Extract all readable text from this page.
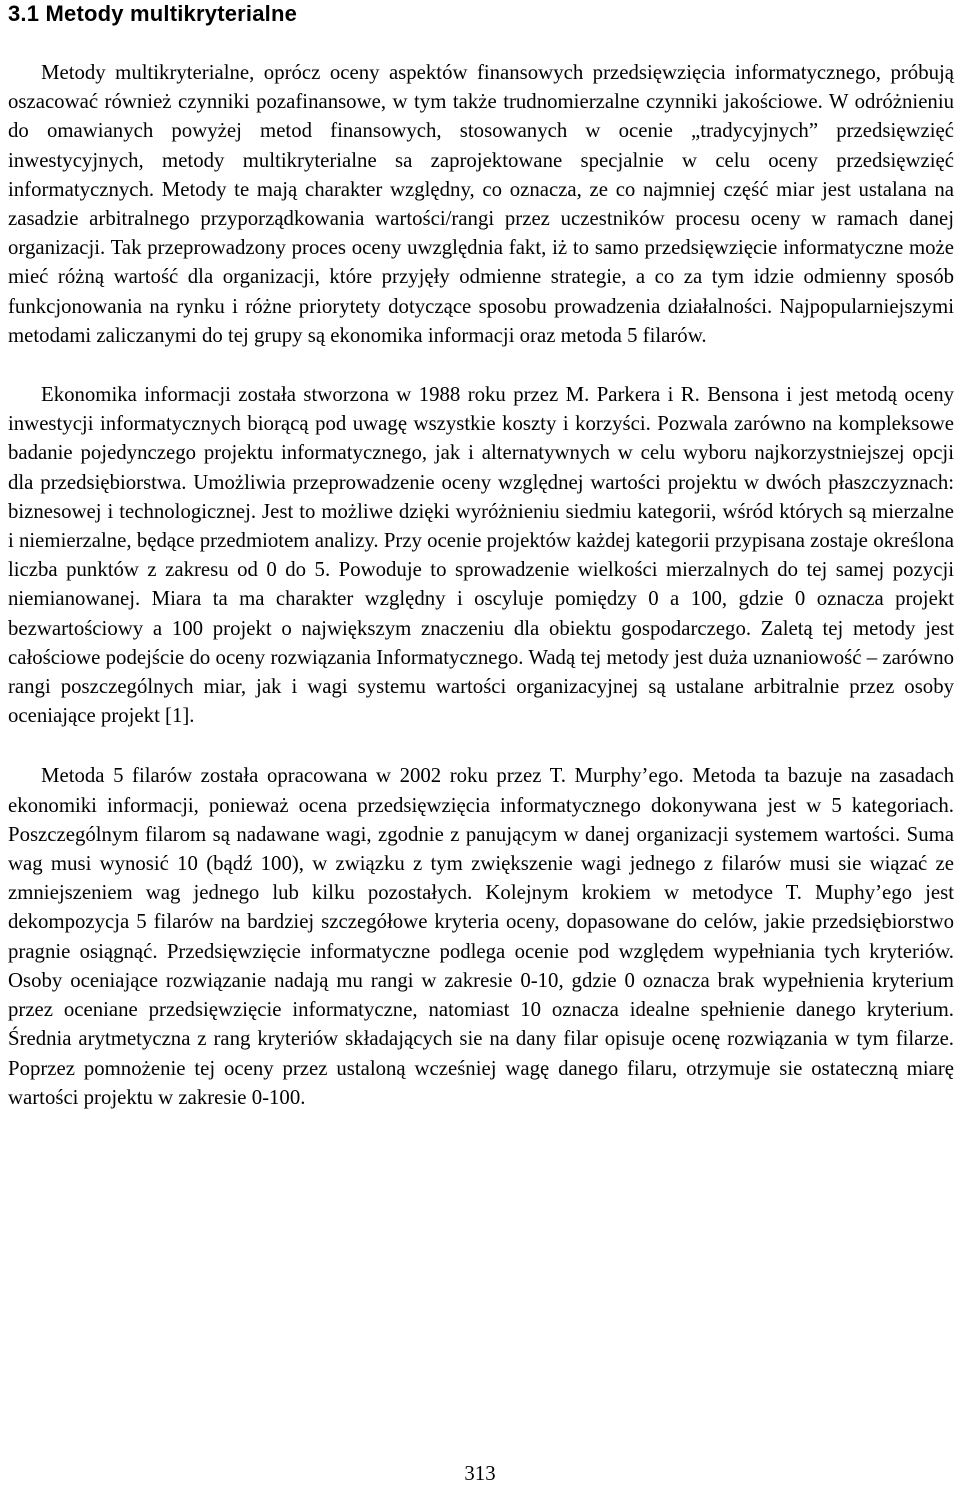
3.1 Metody multikryterialne

Metody multikryterialne, oprócz oceny aspektów finansowych przedsięwzięcia informatycznego, próbują oszacować również czynniki pozafinansowe, w tym także trudnomierzalne czynniki jakościowe. W odróżnieniu do omawianych powyżej metod finansowych, stosowanych w ocenie „tradycyjnych” przedsięwzięć inwestycyjnych, metody multikryterialne sa zaprojektowane specjalnie w celu oceny przedsięwzięć informatycznych. Metody te mają charakter względny, co oznacza, ze co najmniej część miar jest ustalana na zasadzie arbitralnego przyporządkowania wartości/rangi przez uczestników procesu oceny w ramach danej organizacji. Tak przeprowadzony proces oceny uwzględnia fakt, iż to samo przedsięwzięcie informatyczne może mieć różną wartość dla organizacji, które przyjęły odmienne strategie, a co za tym idzie odmienny sposób funkcjonowania na rynku i różne priorytety dotyczące sposobu prowadzenia działalności. Najpopularniejszymi metodami zaliczanymi do tej grupy są ekonomika informacji oraz metoda 5 filarów.

Ekonomika informacji została stworzona w 1988 roku przez M. Parkera i R. Bensona i jest metodą oceny inwestycji informatycznych biorącą pod uwagę wszystkie koszty i korzyści. Pozwala zarówno na kompleksowe badanie pojedynczego projektu informatycznego, jak i alternatywnych w celu wyboru najkorzystniejszej opcji dla przedsiębiorstwa. Umożliwia przeprowadzenie oceny względnej wartości projektu w dwóch płaszczyznach: biznesowej i technologicznej. Jest to możliwe dzięki wyróżnieniu siedmiu kategorii, wśród których są mierzalne i niemierzalne, będące przedmiotem analizy. Przy ocenie projektów każdej kategorii przypisana zostaje określona liczba punktów z zakresu od 0 do 5. Powoduje to sprowadzenie wielkości mierzalnych do tej samej pozycji niemianowanej. Miara ta ma charakter względny i oscyluje pomiędzy 0 a 100, gdzie 0 oznacza projekt bezwartościowy a 100 projekt o największym znaczeniu dla obiektu gospodarczego. Zaletą tej metody jest całościowe podejście do oceny rozwiązania Informatycznego. Wadą tej metody jest duża uznaniowość – zarówno rangi poszczególnych miar, jak i wagi systemu wartości organizacyjnej są ustalane arbitralnie przez osoby oceniające projekt [1].

Metoda 5 filarów została opracowana w 2002 roku przez T. Murphy’ego. Metoda ta bazuje na zasadach ekonomiki informacji, ponieważ ocena przedsięwzięcia informatycznego dokonywana jest w 5 kategoriach. Poszczególnym filarom są nadawane wagi, zgodnie z panującym w danej organizacji systemem wartości. Suma wag musi wynosić 10 (bądź 100), w związku z tym zwiększenie wagi jednego z filarów musi sie wiązać ze zmniejszeniem wag jednego lub kilku pozostałych. Kolejnym krokiem w metodyce T. Muphy’ego jest dekompozycja 5 filarów na bardziej szczegółowe kryteria oceny, dopasowane do celów, jakie przedsiębiorstwo pragnie osiągnąć. Przedsięwzięcie informatyczne podlega ocenie pod względem wypełniania tych kryteriów. Osoby oceniające rozwiązanie nadają mu rangi w zakresie 0-10, gdzie 0 oznacza brak wypełnienia kryterium przez oceniane przedsięwzięcie informatyczne, natomiast 10 oznacza idealne spełnienie danego kryterium. Średnia arytmetyczna z rang kryteriów składających sie na dany filar opisuje ocenę rozwiązania w tym filarze. Poprzez pomnożenie tej oceny przez ustaloną wcześniej wagę danego filaru, otrzymuje sie ostateczną miarę wartości projektu w zakresie 0-100.

313
